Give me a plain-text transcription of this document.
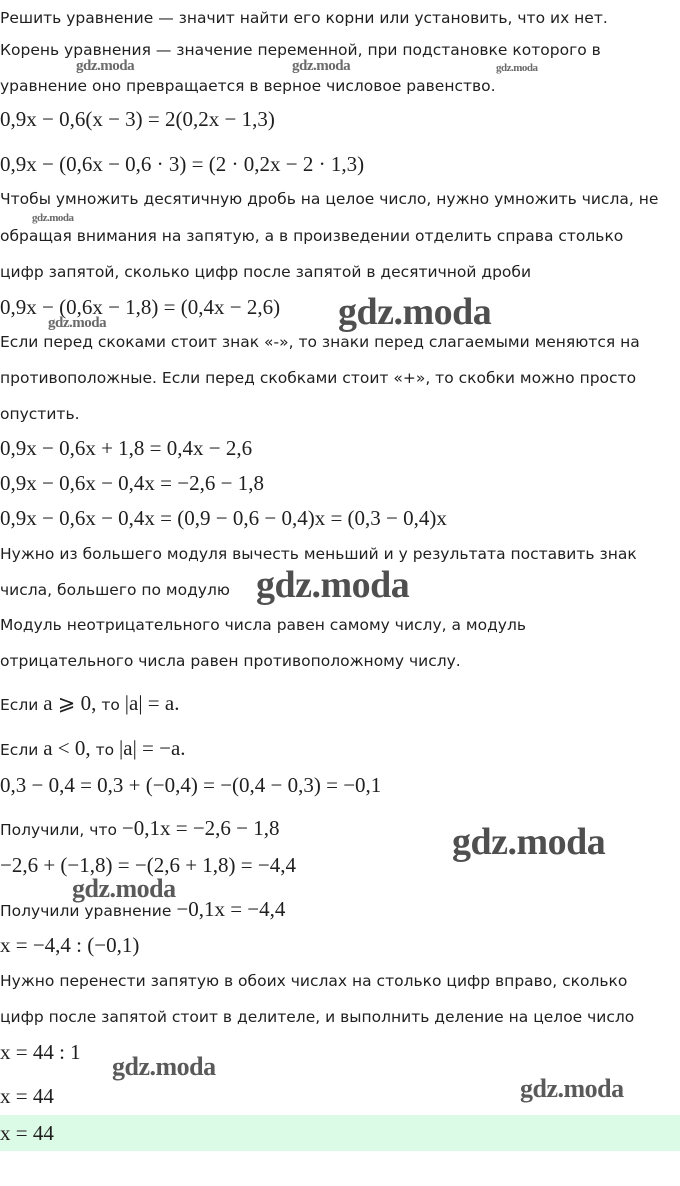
Решить уравнение — значит найти его корни или установить, что их нет.
Корень уравнения — значение переменной, при подстановке которого в
уравнение оно превращается в верное числовое равенство.
0,9x − 0,6(x − 3) = 2(0,2x − 1,3)
0,9x − (0,6x − 0,6 · 3) = (2 · 0,2x − 2 · 1,3)
Чтобы умножить десятичную дробь на целое число, нужно умножить числа, не
обращая внимания на запятую, а в произведении отделить справа столько
цифр запятой, сколько цифр после запятой в десятичной дроби
0,9x − (0,6x − 1,8) = (0,4x − 2,6)
Если перед скоками стоит знак «-», то знаки перед слагаемыми меняются на
противоположные. Если перед скобками стоит «+», то скобки можно просто
опустить.
0,9x − 0,6x + 1,8 = 0,4x − 2,6
0,9x − 0,6x − 0,4x = −2,6 − 1,8
0,9x − 0,6x − 0,4x = (0,9 − 0,6 − 0,4)x = (0,3 − 0,4)x
Нужно из большего модуля вычесть меньший и у результата поставить знак
числа, большего по модулю
Модуль неотрицательного числа равен самому числу, а модуль
отрицательного числа равен противоположному числу.
Если a ⩾ 0, то |a| = a.
Если a < 0, то |a| = −a.
0,3 − 0,4 = 0,3 + (−0,4) = −(0,4 − 0,3) = −0,1
Получили, что −0,1x = −2,6 − 1,8
−2,6 + (−1,8) = −(2,6 + 1,8) = −4,4
Получили уравнение −0,1x = −4,4
x = −4,4 : (−0,1)
Нужно перенести запятую в обоих числах на столько цифр вправо, сколько
цифр после запятой стоит в делителе, и выполнить деление на целое число
x = 44 : 1
x = 44
x = 44
gdz.moda	gdz.moda	gdz.moda
gdz.moda
gdz.moda
gdz.moda
gdz.moda
gdz.moda
gdz.moda
gdz.moda
gdz.moda
